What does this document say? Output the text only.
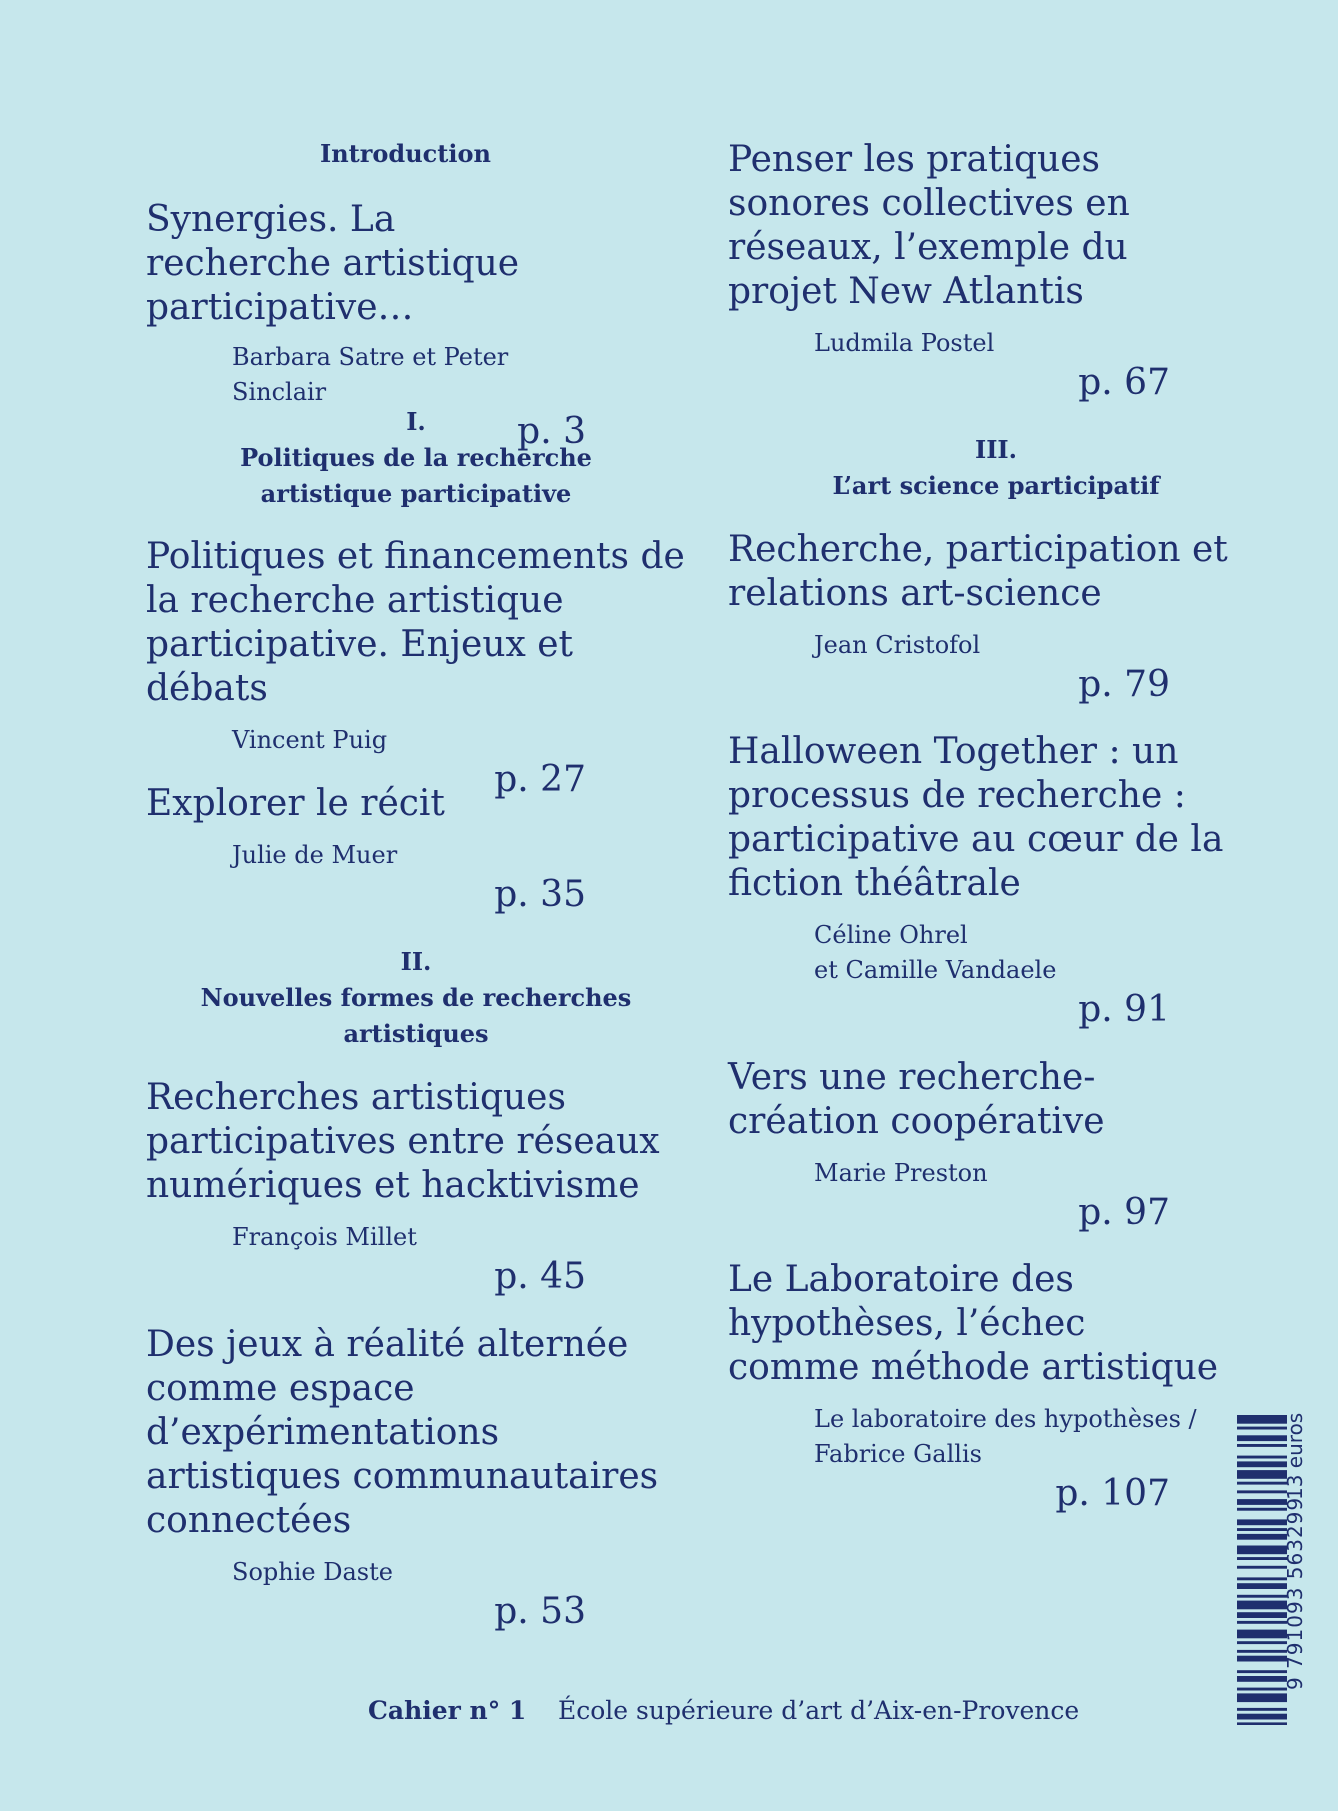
Introduction

Synergies. La recherche artistique participative…

Barbara Satre et Peter Sinclair

p. 3

I.
Politiques de la recherche artistique participative

Politiques et financements de la recherche artistique participative. Enjeux et débats

Vincent Puig

p. 27

Explorer le récit

Julie de Muer

p. 35

II.
Nouvelles formes de recherches artistiques

Recherches artistiques participatives entre réseaux numériques et hacktivisme

François Millet

p. 45

Des jeux à réalité alternée comme espace d’expérimentations artistiques communautaires connectées

Sophie Daste

p. 53

Penser les pratiques sonores collectives en réseaux, l’exemple du projet New Atlantis

Ludmila Postel

p. 67

III.
L’art science participatif

Recherche, participation et relations art-science

Jean Cristofol

p. 79

Halloween Together : un processus de recherche : participative au cœur de la fiction théâtrale

Céline Ohrel
et Camille Vandaele

p. 91

Vers une recherche-création coopérative

Marie Preston

p. 97

Le Laboratoire des hypothèses, l’échec comme méthode artistique

Le laboratoire des hypothèses /
Fabrice Gallis

p. 107

Cahier n° 1 École supérieure d’art d’Aix-en-Provence
9 791093 563299
13 euros
